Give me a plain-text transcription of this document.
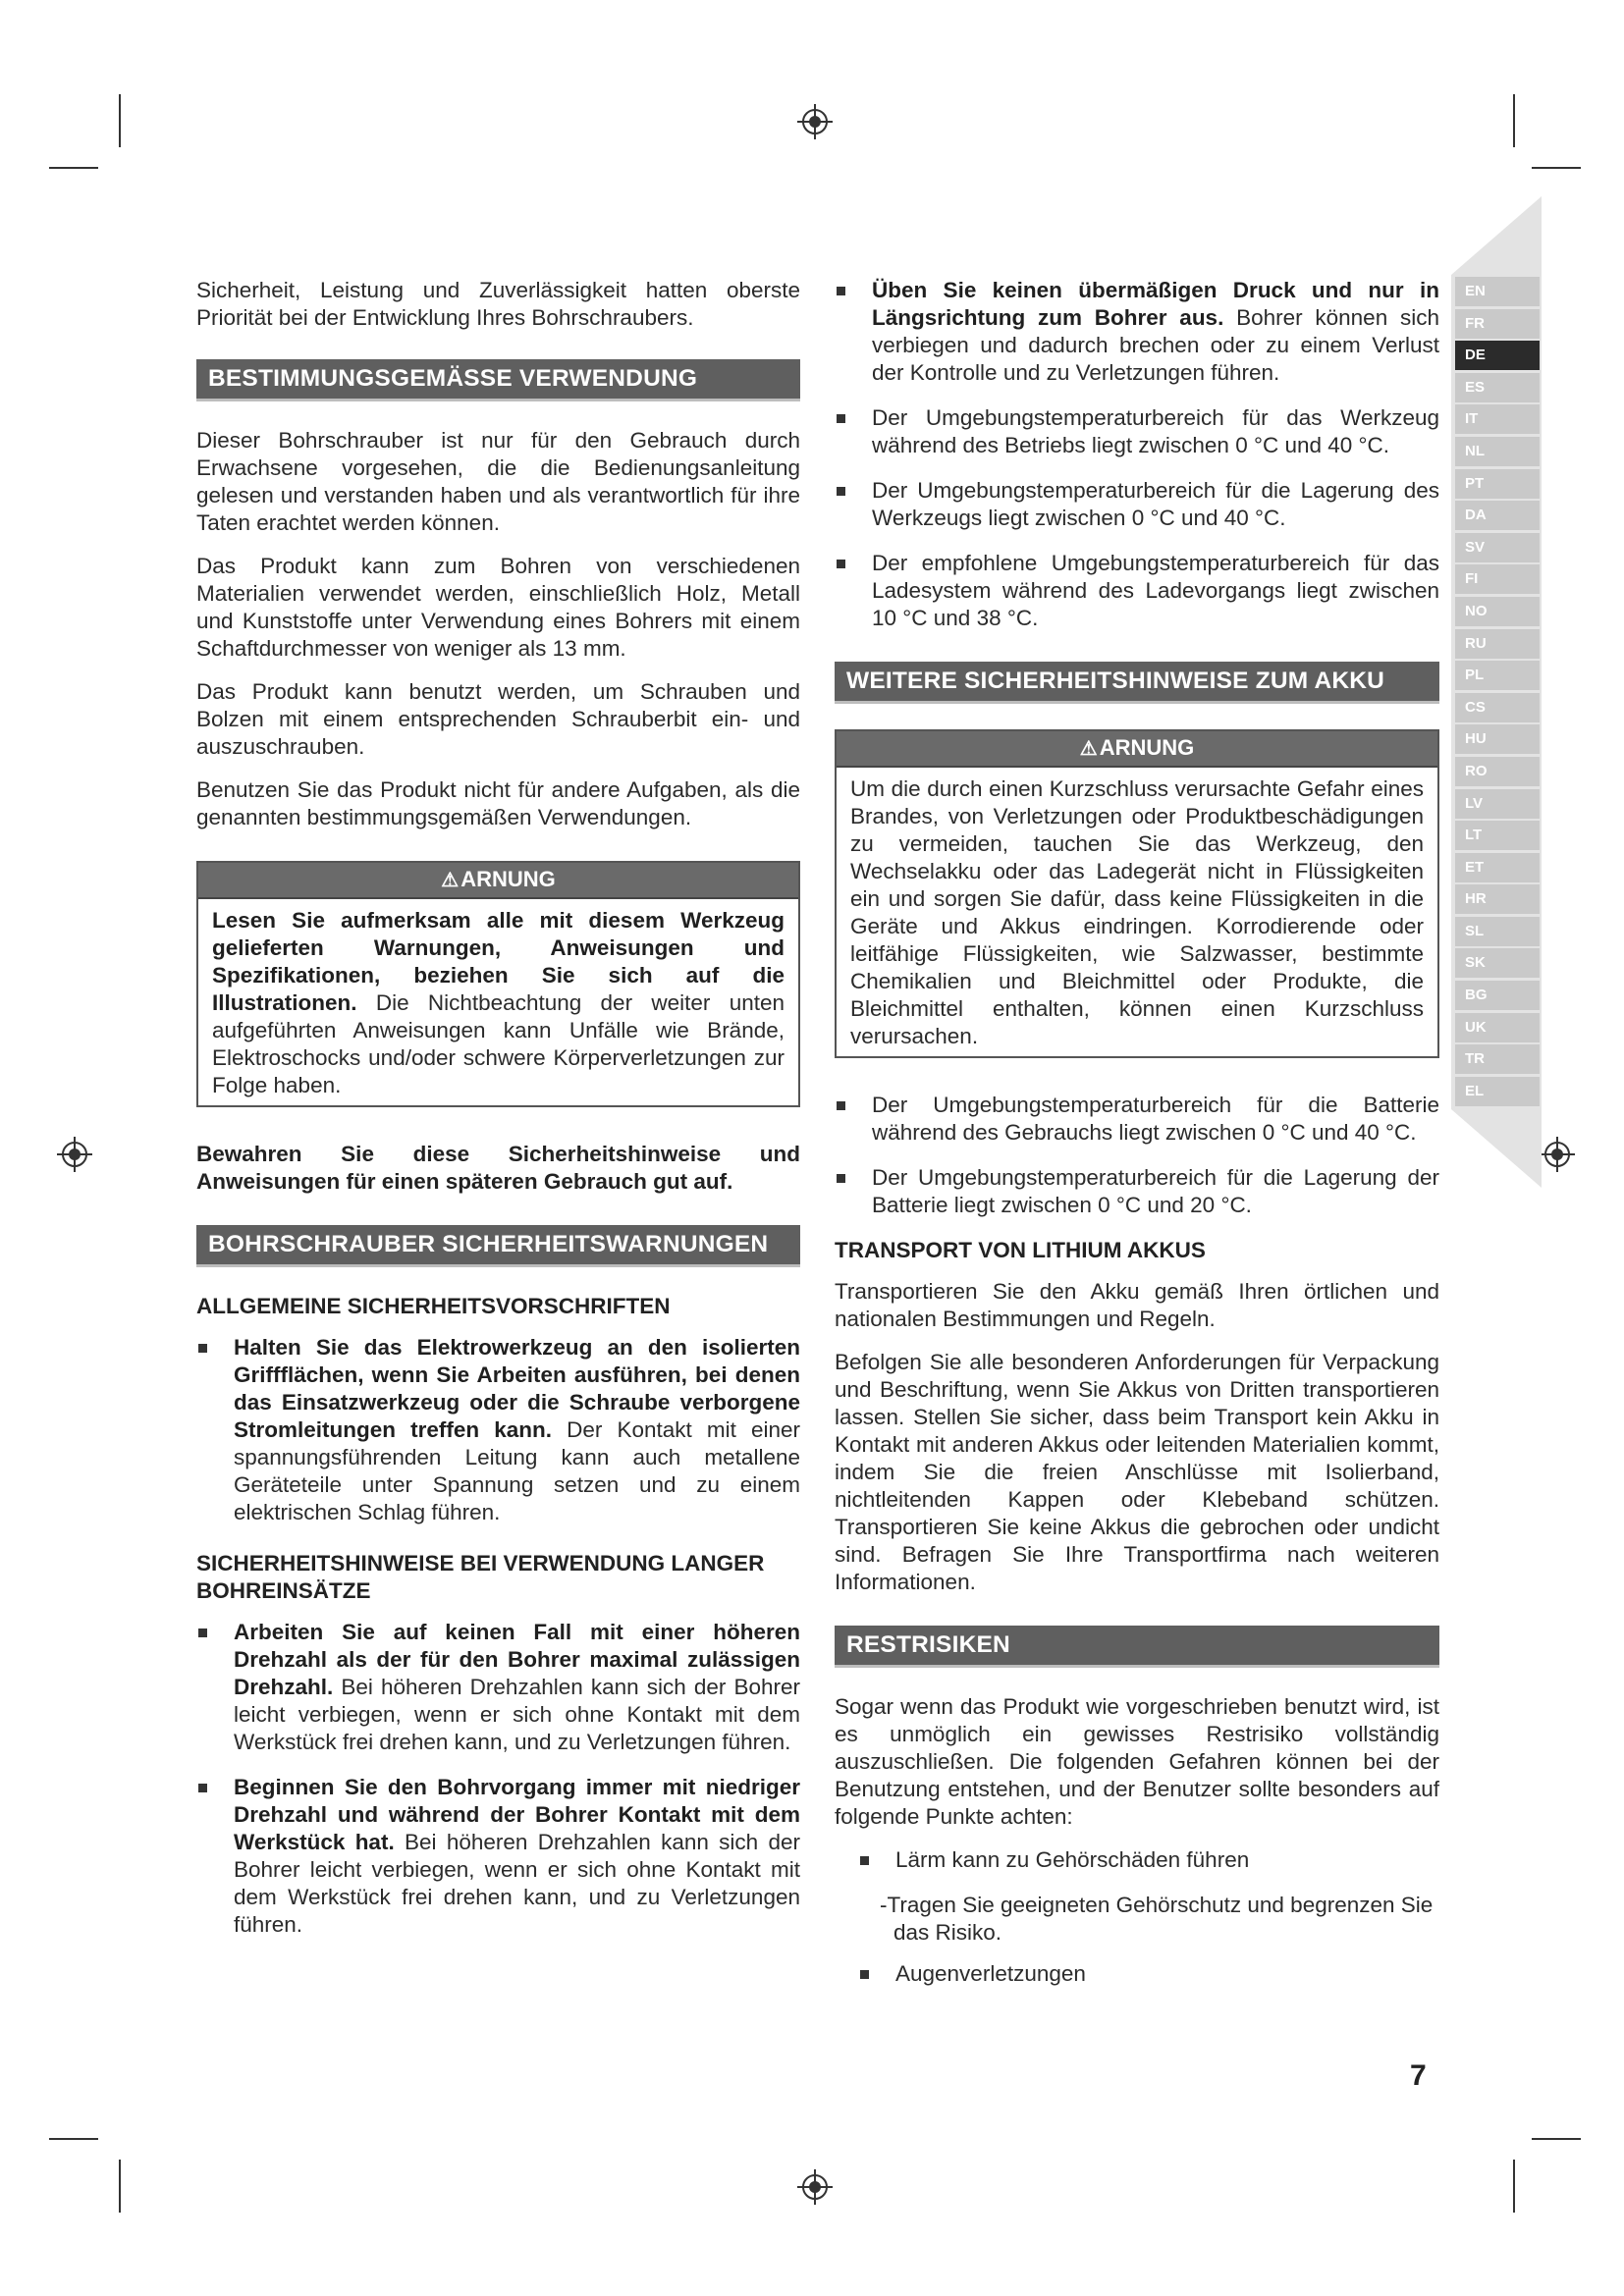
Sicherheit, Leistung und Zuverlässigkeit hatten oberste Priorität bei der Entwicklung Ihres Bohrschraubers.

BESTIMMUNGSGEMÄSSE VERWENDUNG

Dieser Bohrschrauber ist nur für den Gebrauch durch Erwachsene vorgesehen, die die Bedienungsanleitung gelesen und verstanden haben und als verantwortlich für ihre Taten erachtet werden können.

Das Produkt kann zum Bohren von verschiedenen Materialien verwendet werden, einschließlich Holz, Metall und Kunststoffe unter Verwendung eines Bohrers mit einem Schaftdurchmesser von weniger als 13 mm.

Das Produkt kann benutzt werden, um Schrauben und Bolzen mit einem entsprechenden Schrauberbit ein- und auszuschrauben.

Benutzen Sie das Produkt nicht für andere Aufgaben, als die genannten bestimmungsgemäßen Verwendungen.

⚠ARNUNG
Lesen Sie aufmerksam alle mit diesem Werkzeug gelieferten Warnungen, Anweisungen und Spezifikationen, beziehen Sie sich auf die Illustrationen. Die Nichtbeachtung der weiter unten aufgeführten Anweisungen kann Unfälle wie Brände, Elektroschocks und/oder schwere Körperverletzungen zur Folge haben.

Bewahren Sie diese Sicherheitshinweise und Anweisungen für einen späteren Gebrauch gut auf.

BOHRSCHRAUBER SICHERHEITSWARNUNGEN
ALLGEMEINE SICHERHEITSVORSCHRIFTEN
Halten Sie das Elektrowerkzeug an den isolierten Griffflächen, wenn Sie Arbeiten ausführen, bei denen das Einsatzwerkzeug oder die Schraube verborgene Stromleitungen treffen kann. Der Kontakt mit einer spannungsführenden Leitung kann auch metallene Geräteteile unter Spannung setzen und zu einem elektrischen Schlag führen.
SICHERHEITSHINWEISE BEI VERWENDUNG LANGER BOHREINSÄTZE
Arbeiten Sie auf keinen Fall mit einer höheren Drehzahl als der für den Bohrer maximal zulässigen Drehzahl. Bei höheren Drehzahlen kann sich der Bohrer leicht verbiegen, wenn er sich ohne Kontakt mit dem Werkstück frei drehen kann, und zu Verletzungen führen.
Beginnen Sie den Bohrvorgang immer mit niedriger Drehzahl und während der Bohrer Kontakt mit dem Werkstück hat. Bei höheren Drehzahlen kann sich der Bohrer leicht verbiegen, wenn er sich ohne Kontakt mit dem Werkstück frei drehen kann, und zu Verletzungen führen.
Üben Sie keinen übermäßigen Druck und nur in Längsrichtung zum Bohrer aus. Bohrer können sich verbiegen und dadurch brechen oder zu einem Verlust der Kontrolle und zu Verletzungen führen.
Der Umgebungstemperaturbereich für das Werkzeug während des Betriebs liegt zwischen 0 °C und 40 °C.
Der Umgebungstemperaturbereich für die Lagerung des Werkzeugs liegt zwischen 0 °C und 40 °C.
Der empfohlene Umgebungstemperaturbereich für das Ladesystem während des Ladevorgangs liegt zwischen 10 °C und 38 °C.
WEITERE SICHERHEITSHINWEISE ZUM AKKU
⚠ARNUNG
Um die durch einen Kurzschluss verursachte Gefahr eines Brandes, von Verletzungen oder Produktbeschädigungen zu vermeiden, tauchen Sie das Werkzeug, den Wechselakku oder das Ladegerät nicht in Flüssigkeiten ein und sorgen Sie dafür, dass keine Flüssigkeiten in die Geräte und Akkus eindringen. Korrodierende oder leitfähige Flüssigkeiten, wie Salzwasser, bestimmte Chemikalien und Bleichmittel oder Produkte, die Bleichmittel enthalten, können einen Kurzschluss verursachen.
Der Umgebungstemperaturbereich für die Batterie während des Gebrauchs liegt zwischen 0 °C und 40 °C.
Der Umgebungstemperaturbereich für die Lagerung der Batterie liegt zwischen 0 °C und 20 °C.
TRANSPORT VON LITHIUM AKKUS

Transportieren Sie den Akku gemäß Ihren örtlichen und nationalen Bestimmungen und Regeln.

Befolgen Sie alle besonderen Anforderungen für Verpackung und Beschriftung, wenn Sie Akkus von Dritten transportieren lassen. Stellen Sie sicher, dass beim Transport kein Akku in Kontakt mit anderen Akkus oder leitenden Materialien kommt, indem Sie die freien Anschlüsse mit Isolierband, nichtleitenden Kappen oder Klebeband schützen. Transportieren Sie keine Akkus die gebrochen oder undicht sind. Befragen Sie Ihre Transportfirma nach weiteren Informationen.

RESTRISIKEN

Sogar wenn das Produkt wie vorgeschrieben benutzt wird, ist es unmöglich ein gewisses Restrisiko vollständig auszuschließen. Die folgenden Gefahren können bei der Benutzung entstehen, und der Benutzer sollte besonders auf folgende Punkte achten:

Lärm kann zu Gehörschäden führen
-Tragen Sie geeigneten Gehörschutz und begrenzen Sie das Risiko.
Augenverletzungen
EN
FR
DE
ES
IT
NL
PT
DA
SV
FI
NO
RU
PL
CS
HU
RO
LV
LT
ET
HR
SL
SK
BG
UK
TR
EL
7
